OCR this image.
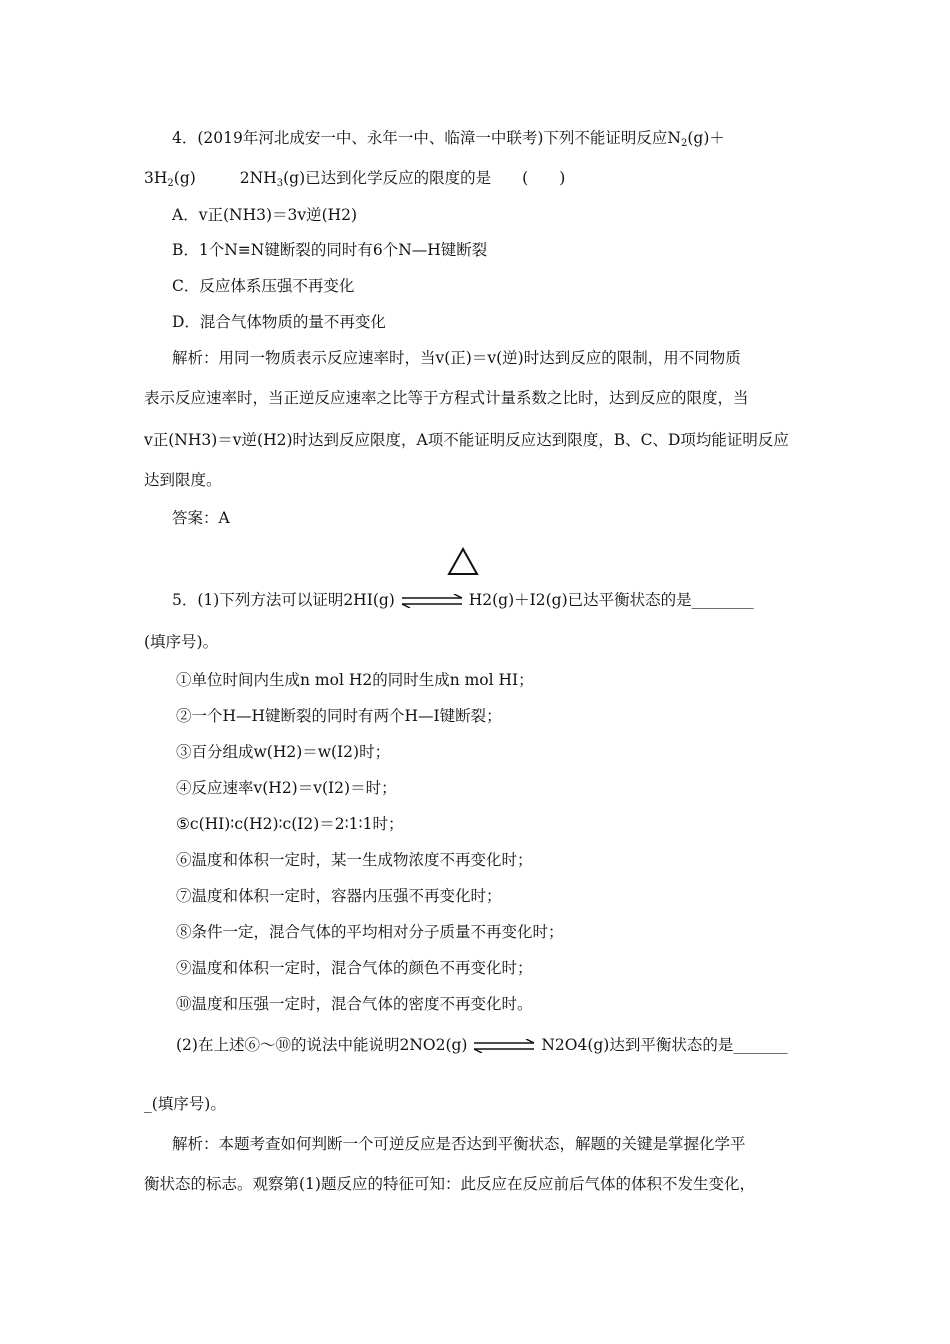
4．(2019年河北成安一中、永年一中、临漳一中联考)下列不能证明反应$N_2(g)+$
$3H_2(g)$	$2NH_3(g)$已达到化学反应的限度的是　　(　　)
A．v正(NH3)＝3v逆(H2)
B．1个N≡N键断裂的同时有6个N—H键断裂
C．反应体系压强不再变化
D．混合气体物质的量不再变化
解析：用同一物质表示反应速率时，当v(正)＝v(逆)时达到反应的限制，用不同物质
表示反应速率时，当正逆反应速率之比等于方程式计量系数之比时，达到反应的限度，当
v正(NH3)＝v逆(H2)时达到反应限度，A项不能证明反应达到限度，B、C、D项均能证明反应
达到限度。
答案：A
5．(1)下列方法可以证明2HI(g)	H2(g)＋I2(g)已达平衡状态的是________
(填序号)。
①单位时间内生成n mol H2的同时生成n mol HI；
②一个H—H键断裂的同时有两个H—I键断裂；
③百分组成w(H2)＝w(I2)时；
④反应速率v(H2)＝v(I2)＝时；
⑤c(HI)∶c(H2)∶c(I2)＝2∶1∶1时；
⑥温度和体积一定时，某一生成物浓度不再变化时；
⑦温度和体积一定时，容器内压强不再变化时；
⑧条件一定，混合气体的平均相对分子质量不再变化时；
⑨温度和体积一定时，混合气体的颜色不再变化时；
⑩温度和压强一定时，混合气体的密度不再变化时。
(2)在上述⑥～⑩的说法中能说明2NO2(g)	N2O4(g)达到平衡状态的是_______
_(填序号)。
解析：本题考查如何判断一个可逆反应是否达到平衡状态，解题的关键是掌握化学平
衡状态的标志。观察第(1)题反应的特征可知：此反应在反应前后气体的体积不发生变化，
